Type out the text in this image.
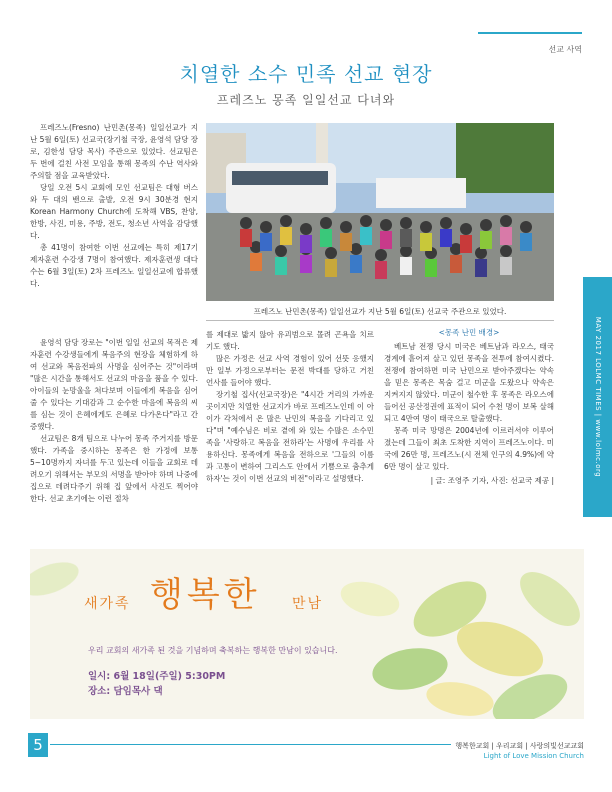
선교 사역
치열한 소수 민족 선교 현장
프레즈노 몽족 일일선교 다녀와

프레즈노(Fresno) 난민촌(몽족) 일일선교가 지난 5월 6일(토) 선교국(장기철 국장, 윤영석 담당 장로, 김한성 담당 목사) 주관으로 있었다. 선교팀은 두 번에 걸친 사전 모임을 통해 몽족의 수난 역사와 주의할 점을 교육받았다.

당일 오전 5시 교회에 모인 선교팀은 대형 버스와 두 대의 밴으로 출발, 오전 9시 30분경 현지 Korean Harmony Church에 도착해 VBS, 찬양, 한방, 사진, 미용, 주방, 전도, 청소년 사역을 감당했다.

총 41명이 참여한 이번 선교에는 특히 제17기 제자훈련 수강생 7명이 참여했다. 제자훈련생 대다수는 6월 3일(토) 2차 프레즈노 일일선교에 합류했다.

프레즈노 난민촌(몽족) 일일선교가 지난 5월 6일(토) 선교국 주관으로 있었다.

윤영석 담당 장로는 "이번 일일 선교의 목적은 제자훈련 수강생들에게 복음주의 현장을 체험하게 하여 선교와 복음전파의 사명을 심어주는 것"이라며 "많은 시간을 통해서도 선교의 마음을 품을 수 있다. 아이들의 눈망울을 쳐다보며 이들에게 복음을 심어줄 수 있다는 기대감과 그 순수한 마음에 복음의 씨를 심는 것이 은혜에게도 은혜로 다가온다"라고 간증했다.

선교팀은 8개 팀으로 나누어 몽족 주거지를 방문했다. 가족을 중시하는 몽족은 한 가정에 보통 5~10명까지 자녀를 두고 있는데 이들을 교회로 데려오기 위해서는 부모의 서명을 받아야 하며 나중에 집으로 데려다주기 위해 집 앞에서 사진도 찍어야 한다. 선교 초기에는 이런 절차

를 제대로 밟지 않아 유괴범으로 몰려 곤욕을 치르기도 했다.

많은 가정은 선교 사역 경험이 있어 선뜻 응했지만 일부 가정으로부터는 문전 박대를 당하고 거친 언사를 들어야 했다.

장기철 집사(선교국장)은 "4시간 거리의 가까운 곳이지만 치열한 선교지가 바로 프레즈노인데 이 아이가 각처에서 온 많은 난민의 복음을 기다리고 있다"며 "예수님은 비로 곁에 와 있는 수많은 소수민족을 '사랑하고 복음을 전하라'는 사명에 우리를 사용하신다. 몽족에게 복음을 전하으로 '그들의 이름과 고통이 변하여 그리스도 안에서 기쁨으로 춤추게 하자'는 것이 이번 선교의 비전"이라고 설명했다.

<몽족 난민 배경>

베트남 전쟁 당시 미국은 베트남과 라오스, 태국 경계에 흩어져 살고 있던 몽족을 전투에 참여시켰다. 전쟁에 참여하면 미국 난민으로 받아주겠다는 약속을 믿은 몽족은 목숨 걸고 미군을 도왔으나 약속은 지켜지지 않았다. 미군이 철수한 후 몽족은 라오스에 들어선 공산정권에 표적이 되어 수천 명이 보복 살해되고 4만여 명이 태국으로 탈출했다.

몽족 미국 망명은 2004년에 이르러서야 이루어졌는데 그들이 최초 도착한 지역이 프레즈노이다. 미국에 26만 명, 프레즈노(시 전체 인구의 4.9%)에 약 6만 명이 살고 있다.

| 글: 조영주 기자, 사진: 선교국 제공 |
MAY 2017 LOLMC TIMES | www.lolmc.org
새가족 행복한 만남
우리 교회의 새가족 된 것을 기념하며 축복하는 행복한 만남이 있습니다.
일시: 6월 18일(주일) 5:30PM
장소: 담임목사 댁
5	행복한교회 | 우리교회 | 사랑의빛선교교회
Light of Love Mission Church
